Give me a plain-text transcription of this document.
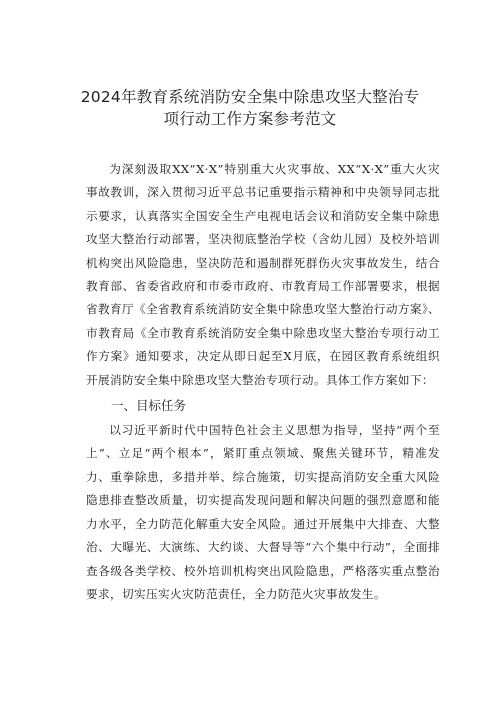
2024年教育系统消防安全集中除患攻坚大整治专
项行动工作方案参考范文

为深刻汲取XX“X·X”特别重大火灾事故、XX“X·X”重大火灾事故教训，深入贯彻习近平总书记重要指示精神和中央领导同志批示要求，认真落实全国安全生产电视电话会议和消防安全集中除患攻坚大整治行动部署，坚决彻底整治学校（含幼儿园）及校外培训机构突出风险隐患，坚决防范和遏制群死群伤火灾事故发生，结合教育部、省委省政府和市委市政府、市教育局工作部署要求，根据省教育厅《全省教育系统消防安全集中除患攻坚大整治行动方案》、市教育局《全市教育系统消防安全集中除患攻坚大整治专项行动工作方案》通知要求，决定从即日起至X月底，在园区教育系统组织开展消防安全集中除患攻坚大整治专项行动。具体工作方案如下：

一、目标任务

以习近平新时代中国特色社会主义思想为指导，坚持“两个至上”、立足“两个根本”，紧盯重点领域、聚焦关键环节，精准发力、重拳除患，多措并举、综合施策，切实提高消防安全重大风险隐患排查整改质量，切实提高发现问题和解决问题的强烈意愿和能力水平，全力防范化解重大安全风险。通过开展集中大排查、大整治、大曝光、大演练、大约谈、大督导等“六个集中行动”，全面排查各级各类学校、校外培训机构突出风险隐患，严格落实重点整治要求，切实压实火灾防范责任，全力防范火灾事故发生。
